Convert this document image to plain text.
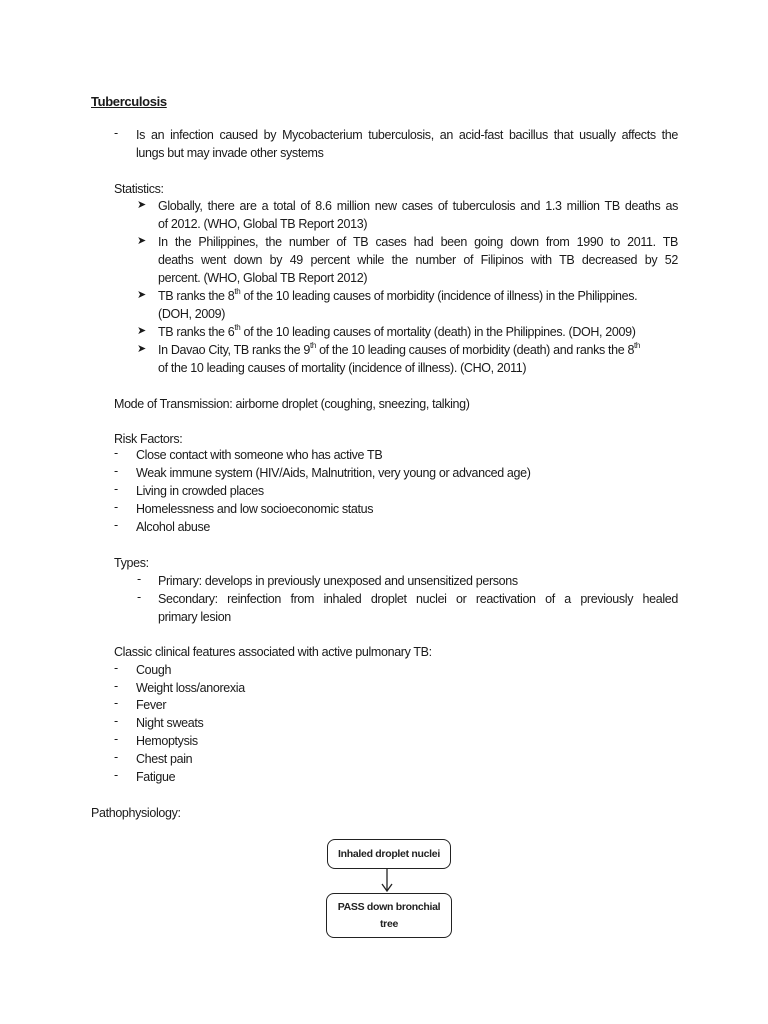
Tuberculosis
- Is an infection caused by Mycobacterium tuberculosis, an acid-fast bacillus that usually affects the
lungs but may invade other systems
Statistics:
➤ Globally, there are a total of 8.6 million new cases of tuberculosis and 1.3 million TB deaths as
of 2012. (WHO, Global TB Report 2013)
➤ In the Philippines, the number of TB cases had been going down from 1990 to 2011. TB
deaths went down by 49 percent while the number of Filipinos with TB decreased by 52
percent. (WHO, Global TB Report 2012)
➤ TB ranks the 8th of the 10 leading causes of morbidity (incidence of illness) in the Philippines.
(DOH, 2009)
➤ TB ranks the 6th of the 10 leading causes of mortality (death) in the Philippines. (DOH, 2009)
➤ In Davao City, TB ranks the 9th of the 10 leading causes of morbidity (death) and ranks the 8th
of the 10 leading causes of mortality (incidence of illness). (CHO, 2011)
Mode of Transmission: airborne droplet (coughing, sneezing, talking)
Risk Factors:
- Close contact with someone who has active TB
- Weak immune system (HIV/Aids, Malnutrition, very young or advanced age)
- Living in crowded places
- Homelessness and low socioeconomic status
- Alcohol abuse
Types:
- Primary: develops in previously unexposed and unsensitized persons
- Secondary: reinfection from inhaled droplet nuclei or reactivation of a previously healed
primary lesion
Classic clinical features associated with active pulmonary TB:
- Cough
- Weight loss/anorexia
- Fever
- Night sweats
- Hemoptysis
- Chest pain
- Fatigue
Pathophysiology:
Inhaled droplet nuclei
PASS down bronchial
tree
